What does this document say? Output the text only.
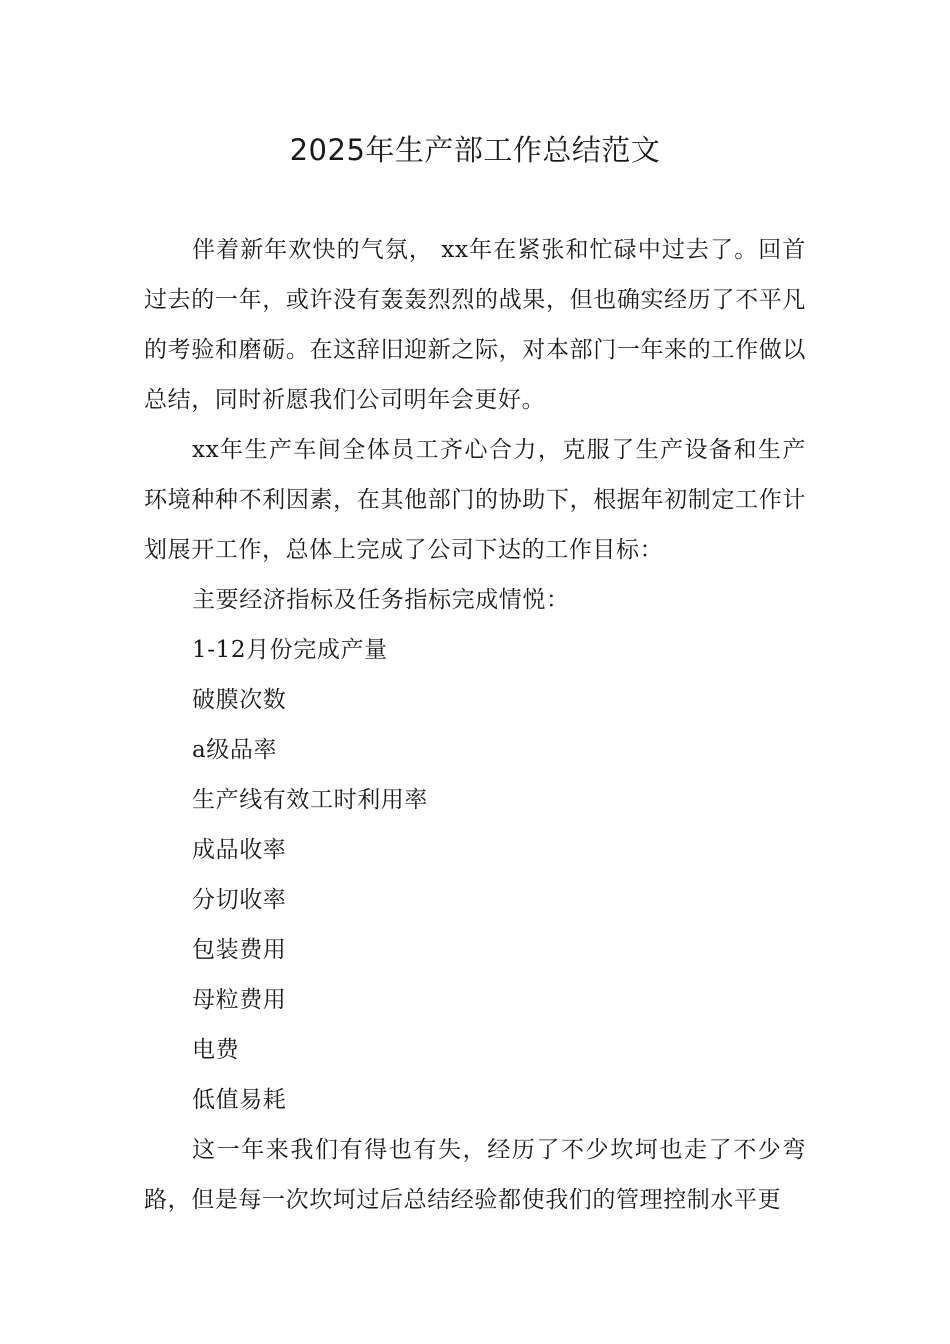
2025年生产部工作总结范文

伴着新年欢快的气氛， xx年在紧张和忙碌中过去了。回首过去的一年，或许没有轰轰烈烈的战果，但也确实经历了不平凡的考验和磨砺。在这辞旧迎新之际，对本部门一年来的工作做以总结，同时祈愿我们公司明年会更好。

xx年生产车间全体员工齐心合力，克服了生产设备和生产环境种种不利因素，在其他部门的协助下，根据年初制定工作计划展开工作，总体上完成了公司下达的工作目标：

主要经济指标及任务指标完成情悦：

1-12月份完成产量

破膜次数

a级品率

生产线有效工时利用率

成品收率

分切收率

包装费用

母粒费用

电费

低值易耗

这一年来我们有得也有失，经历了不少坎坷也走了不少弯路，但是每一次坎坷过后总结经验都使我们的管理控制水平更
